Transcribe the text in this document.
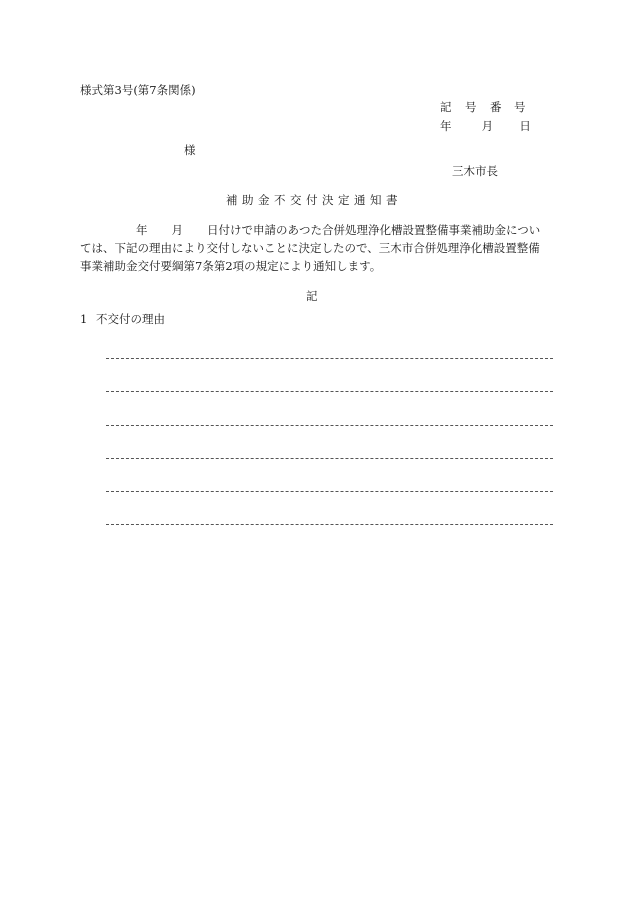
様式第3号(第7条関係)
記	号	番	号
年	月 日
様
三木市長
補助金不交付決定通知書
年 月 日付けで申請のあつた合併処理浄化槽設置整備事業補助金につい
ては、下記の理由により交付しないことに決定したので、三木市合併処理浄化槽設置整備
事業補助金交付要綱第7条第2項の規定により通知します。
記
1 不交付の理由
